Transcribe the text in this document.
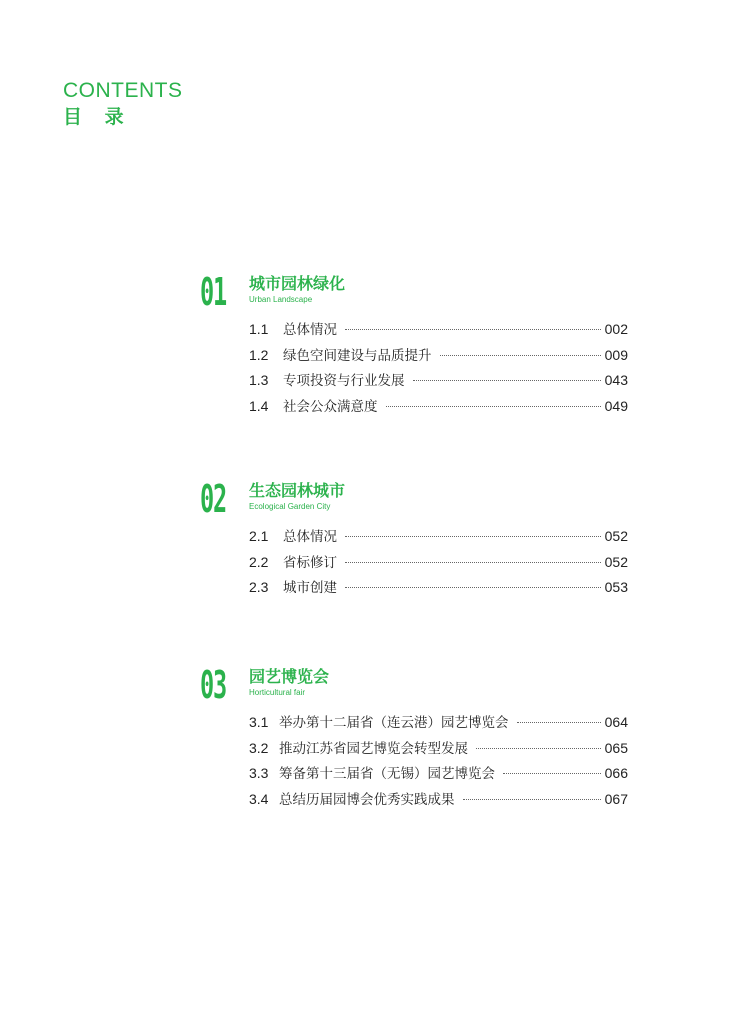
CONTENTS
目 录
01 城市园林绿化
Urban Landscape
1.1	总体情况	002
1.2	绿色空间建设与品质提升	009
1.3	专项投资与行业发展	043
1.4	社会公众满意度	049
02 生态园林城市
Ecological Garden City
2.1	总体情况	052
2.2	省标修订	052
2.3	城市创建	053
03 园艺博览会
Horticultural fair
3.1 举办第十二届省（连云港）园艺博览会	064
3.2 推动江苏省园艺博览会转型发展	065
3.3 筹备第十三届省（无锡）园艺博览会	066
3.4 总结历届园博会优秀实践成果	067
